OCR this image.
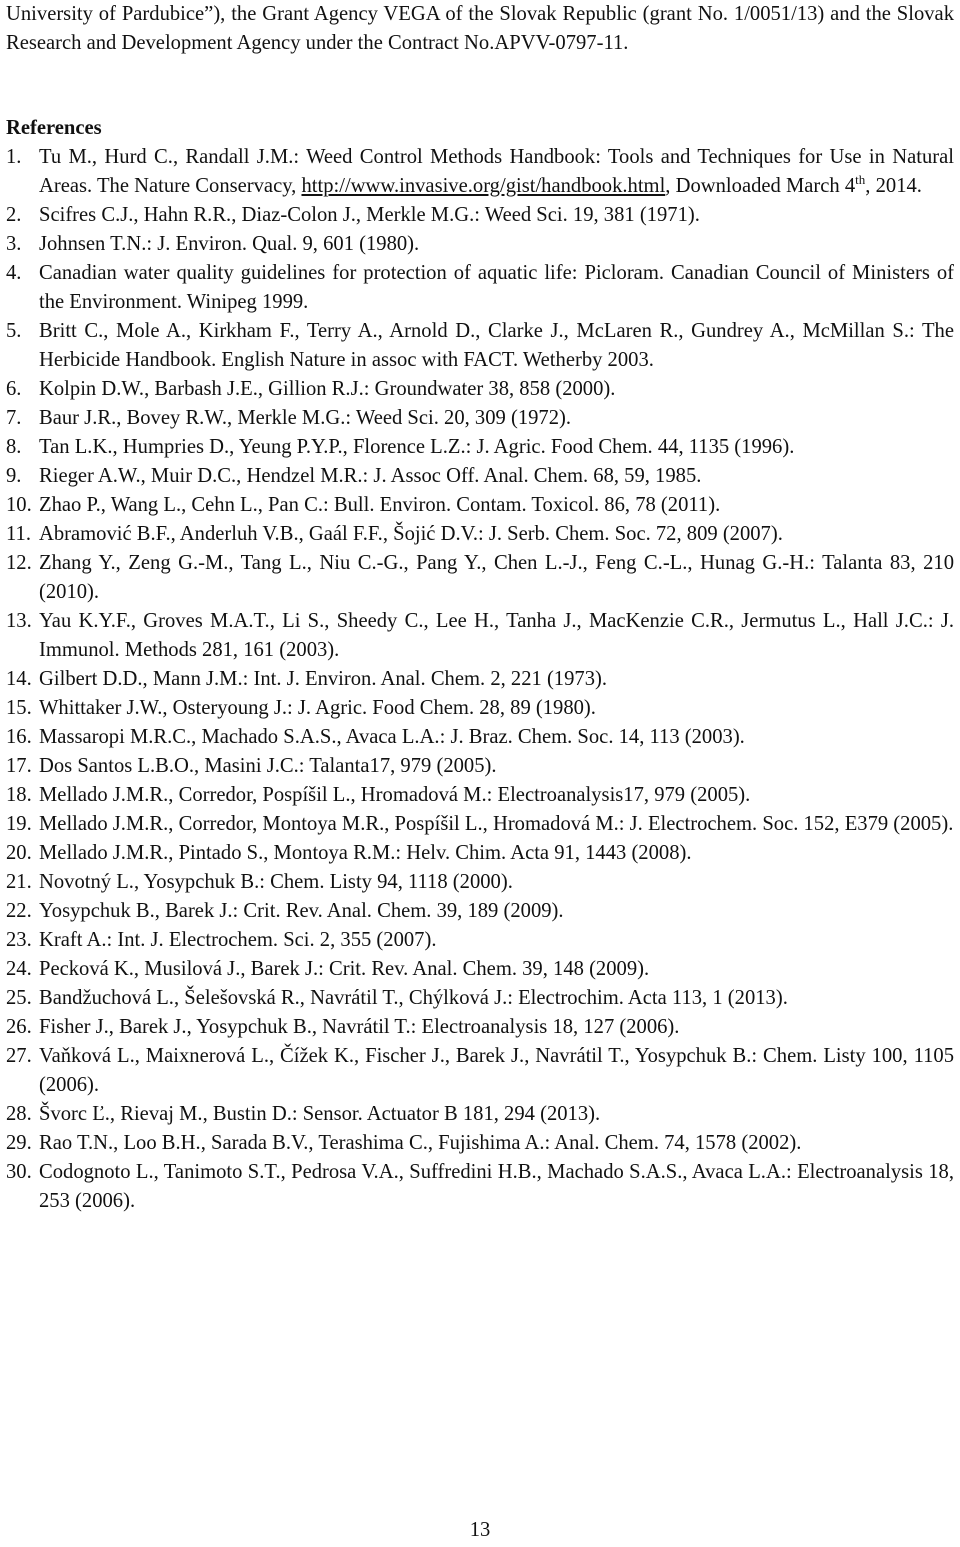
University of Pardubice”), the Grant Agency VEGA of the Slovak Republic (grant No. 1/0051/13) and the Slovak Research and Development Agency under the Contract No.APVV-0797-11.
References
1. Tu M., Hurd C., Randall J.M.: Weed Control Methods Handbook: Tools and Techniques for Use in Natural Areas. The Nature Conservacy, http://www.invasive.org/gist/handbook.html, Downloaded March 4th, 2014.
2. Scifres C.J., Hahn R.R., Diaz-Colon J., Merkle M.G.: Weed Sci. 19, 381 (1971).
3. Johnsen T.N.: J. Environ. Qual. 9, 601 (1980).
4. Canadian water quality guidelines for protection of aquatic life: Picloram. Canadian Council of Ministers of the Environment. Winipeg 1999.
5. Britt C., Mole A., Kirkham F., Terry A., Arnold D., Clarke J., McLaren R., Gundrey A., McMillan S.: The Herbicide Handbook. English Nature in assoc with FACT. Wetherby 2003.
6. Kolpin D.W., Barbash J.E., Gillion R.J.: Groundwater 38, 858 (2000).
7. Baur J.R., Bovey R.W., Merkle M.G.: Weed Sci. 20, 309 (1972).
8. Tan L.K., Humpries D., Yeung P.Y.P., Florence L.Z.: J. Agric. Food Chem. 44, 1135 (1996).
9. Rieger A.W., Muir D.C., Hendzel M.R.: J. Assoc Off. Anal. Chem. 68, 59, 1985.
10. Zhao P., Wang L., Cehn L., Pan C.: Bull. Environ. Contam. Toxicol. 86, 78 (2011).
11. Abramović B.F., Anderluh V.B., Gaál F.F., Šojić D.V.: J. Serb. Chem. Soc. 72, 809 (2007).
12. Zhang Y., Zeng G.-M., Tang L., Niu C.-G., Pang Y., Chen L.-J., Feng C.-L., Hunag G.-H.: Talanta 83, 210 (2010).
13. Yau K.Y.F., Groves M.A.T., Li S., Sheedy C., Lee H., Tanha J., MacKenzie C.R., Jermutus L., Hall J.C.: J. Immunol. Methods 281, 161 (2003).
14. Gilbert D.D., Mann J.M.: Int. J. Environ. Anal. Chem. 2, 221 (1973).
15. Whittaker J.W., Osteryoung J.: J. Agric. Food Chem. 28, 89 (1980).
16. Massaropi M.R.C., Machado S.A.S., Avaca L.A.: J. Braz. Chem. Soc. 14, 113 (2003).
17. Dos Santos L.B.O., Masini J.C.: Talanta17, 979 (2005).
18. Mellado J.M.R., Corredor, Pospíšil L., Hromadová M.: Electroanalysis17, 979 (2005).
19. Mellado J.M.R., Corredor, Montoya M.R., Pospíšil L., Hromadová M.: J. Electrochem. Soc. 152, E379 (2005).
20. Mellado J.M.R., Pintado S., Montoya R.M.: Helv. Chim. Acta 91, 1443 (2008).
21. Novotný L., Yosypchuk B.: Chem. Listy 94, 1118 (2000).
22. Yosypchuk B., Barek J.: Crit. Rev. Anal. Chem. 39, 189 (2009).
23. Kraft A.: Int. J. Electrochem. Sci. 2, 355 (2007).
24. Pecková K., Musilová J., Barek J.: Crit. Rev. Anal. Chem. 39, 148 (2009).
25. Bandžuchová L., Šelešovská R., Navrátil T., Chýlková J.: Electrochim. Acta 113, 1 (2013).
26. Fisher J., Barek J., Yosypchuk B., Navrátil T.: Electroanalysis 18, 127 (2006).
27. Vaňková L., Maixnerová L., Čížek K., Fischer J., Barek J., Navrátil T., Yosypchuk B.: Chem. Listy 100, 1105 (2006).
28. Švorc Ľ., Rievaj M., Bustin D.: Sensor. Actuator B 181, 294 (2013).
29. Rao T.N., Loo B.H., Sarada B.V., Terashima C., Fujishima A.: Anal. Chem. 74, 1578 (2002).
30. Codognoto L., Tanimoto S.T., Pedrosa V.A., Suffredini H.B., Machado S.A.S., Avaca L.A.: Electroanalysis 18, 253 (2006).
13
